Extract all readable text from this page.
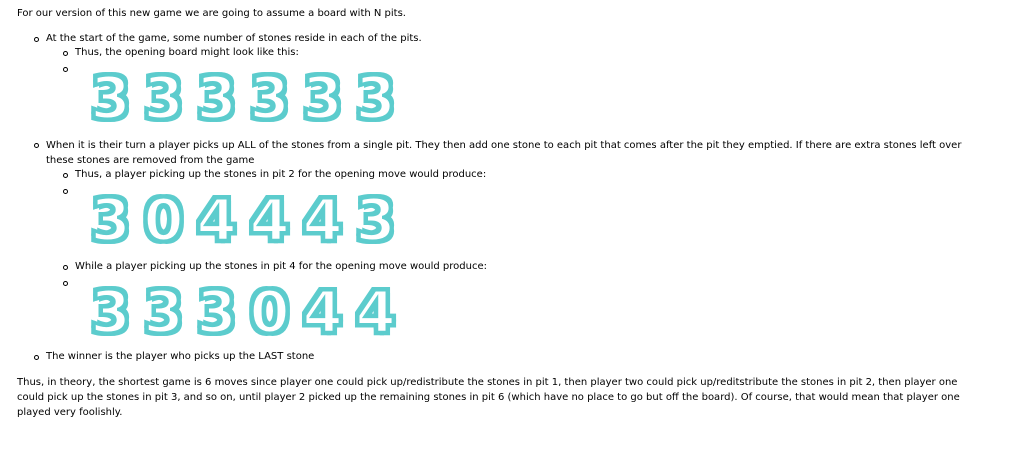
For our version of this new game we are going to assume a board with N pits.
At the start of the game, some number of stones reside in each of the pits.
Thus, the opening board might look like this:
3 3 3 3 3 3
When it is their turn a player picks up ALL of the stones from a single pit. They then add one stone to each pit that comes after the pit they emptied. If there are extra stones left over
these stones are removed from the game
Thus, a player picking up the stones in pit 2 for the opening move would produce:
3 0 4 4 4 3
While a player picking up the stones in pit 4 for the opening move would produce:
3 3 3 0 4 4
The winner is the player who picks up the LAST stone
Thus, in theory, the shortest game is 6 moves since player one could pick up/redistribute the stones in pit 1, then player two could pick up/reditstribute the stones in pit 2, then player one
could pick up the stones in pit 3, and so on, until player 2 picked up the remaining stones in pit 6 (which have no place to go but off the board). Of course, that would mean that player one
played very foolishly.
